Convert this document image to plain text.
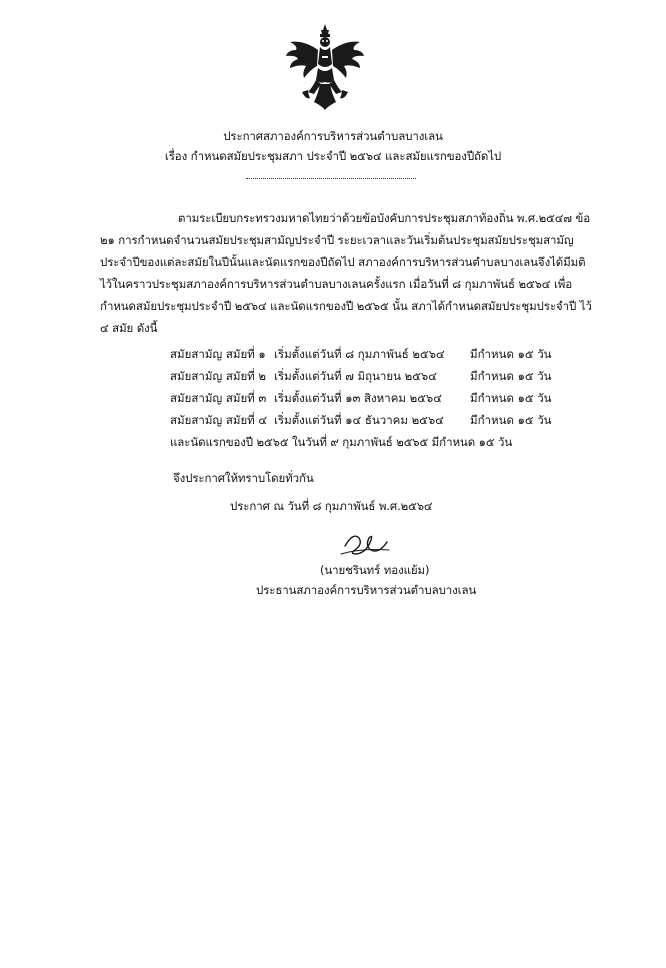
ประกาศสภาองค์การบริหารส่วนตำบลบางเลน
เรื่อง กำหนดสมัยประชุมสภา ประจำปี ๒๕๖๔ และสมัยแรกของปีถัดไป
ตามระเบียบกระทรวงมหาดไทยว่าด้วยข้อบังคับการประชุมสภาท้องถิ่น พ.ศ.๒๕๔๗ ข้อ
๒๑ การกำหนดจำนวนสมัยประชุมสามัญประจำปี ระยะเวลาและวันเริ่มต้นประชุมสมัยประชุมสามัญ
ประจำปีของแต่ละสมัยในปีนั้นและนัดแรกของปีถัดไป สภาองค์การบริหารส่วนตำบลบางเลนจึงได้มีมติ
ไว้ในคราวประชุมสภาองค์การบริหารส่วนตำบลบางเลนครั้งแรก เมื่อวันที่ ๘ กุมภาพันธ์ ๒๕๖๔ เพื่อ
กำหนดสมัยประชุมประจำปี ๒๕๖๔ และนัดแรกของปี ๒๕๖๕ นั้น สภาได้กำหนดสมัยประชุมประจำปี ไว้
๔ สมัย ดังนี้
สมัยสามัญ สมัยที่ ๑ เริ่มตั้งแต่วันที่ ๘ กุมภาพันธ์ ๒๕๖๔ มีกำหนด ๑๕ วัน
สมัยสามัญ สมัยที่ ๒ เริ่มตั้งแต่วันที่ ๗ มิถุนายน ๒๕๖๔	มีกำหนด ๑๕ วัน
สมัยสามัญ สมัยที่ ๓ เริ่มตั้งแต่วันที่ ๑๓ สิงหาคม ๒๕๖๔ มีกำหนด ๑๕ วัน
สมัยสามัญ สมัยที่ ๔ เริ่มตั้งแต่วันที่ ๑๔ ธันวาคม ๒๕๖๔ มีกำหนด ๑๕ วัน
และนัดแรกของปี ๒๕๖๕ ในวันที่ ๙ กุมภาพันธ์ ๒๕๖๕ มีกำหนด ๑๕ วัน
จึงประกาศให้ทราบโดยทั่วกัน
ประกาศ ณ วันที่ ๘ กุมภาพันธ์ พ.ศ.๒๕๖๔
(นายชรินทร์ ทองแย้ม)
ประธานสภาองค์การบริหารส่วนตำบลบางเลน
